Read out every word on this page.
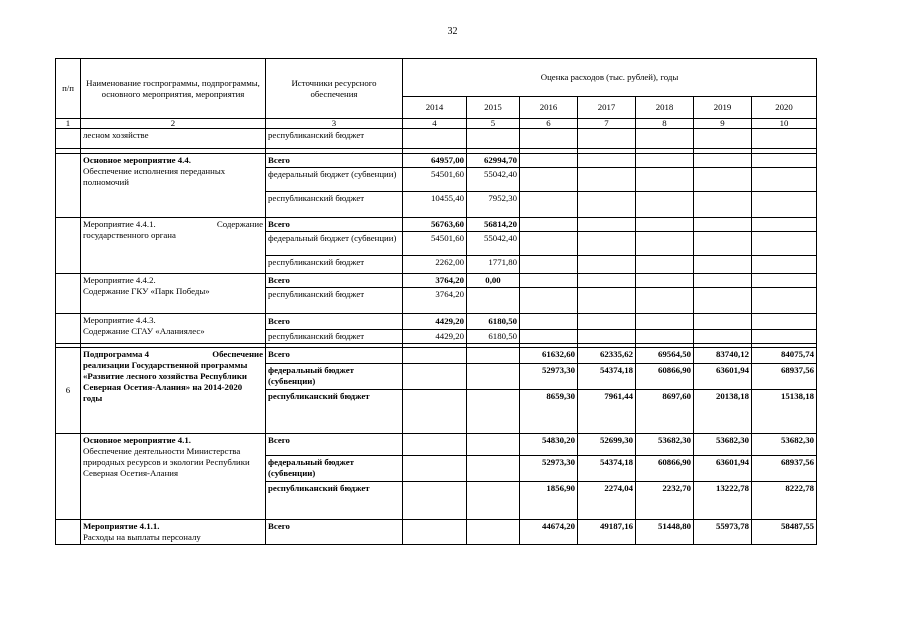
32
п/п	Наименование госпрограммы, подпрограммы, основного мероприятия, мероприятия	Источники ресурсного обеспечения	Оценка расходов (тыс. рублей), годы						
			2014	2015	2016	2017	2018	2019	2020
1	2	3	4	5	6	7	8	9	10
	лесном хозяйстве	республиканский бюджет							

	Основное мероприятие 4.4.
Обеспечение исполнения переданных полномочий	Всего	64957,00	62994,70					
		федеральный бюджет (субвенции)	54501,60	55042,40					
		республиканский бюджет	10455,40	7952,30					

	Мероприятие 4.4.1. Содержание
государственного органа	Всего	56763,60	56814,20					
		федеральный бюджет (субвенции)	54501,60	55042,40					
		республиканский бюджет	2262,00	1771,80					

	Мероприятие 4.4.2.
Содержание ГКУ «Парк Победы»	Всего	3764,20	0,00					
		республиканский бюджет	3764,20						

	Мероприятие 4.4.3.
Содержание СГАУ «Аланиялес»	Всего	4429,20	6180,50					
		республиканский бюджет	4429,20	6180,50					

6	Подпрограмма 4 Обеспечение
реализации Государственной программы «Развитие лесного хозяйства Республики Северная Осетия-Алания» на 2014-2020 годы	Всего			61632,60	62335,62	69564,50	83740,12	84075,74
		федеральный бюджет (субвенции)			52973,30	54374,18	60866,90	63601,94	68937,56
		республиканский бюджет			8659,30	7961,44	8697,60	20138,18	15138,18

	Основное мероприятие 4.1.
Обеспечение деятельности Министерства природных ресурсов и экологии Республики Северная Осетия-Алания	Всего			54830,20	52699,30	53682,30	53682,30	53682,30
		федеральный бюджет (субвенции)			52973,30	54374,18	60866,90	63601,94	68937,56
		республиканский бюджет			1856,90	2274,04	2232,70	13222,78	8222,78

	Мероприятие 4.1.1.
Расходы на выплаты персоналу	Всего			44674,20	49187,16	51448,80	55973,78	58487,55
